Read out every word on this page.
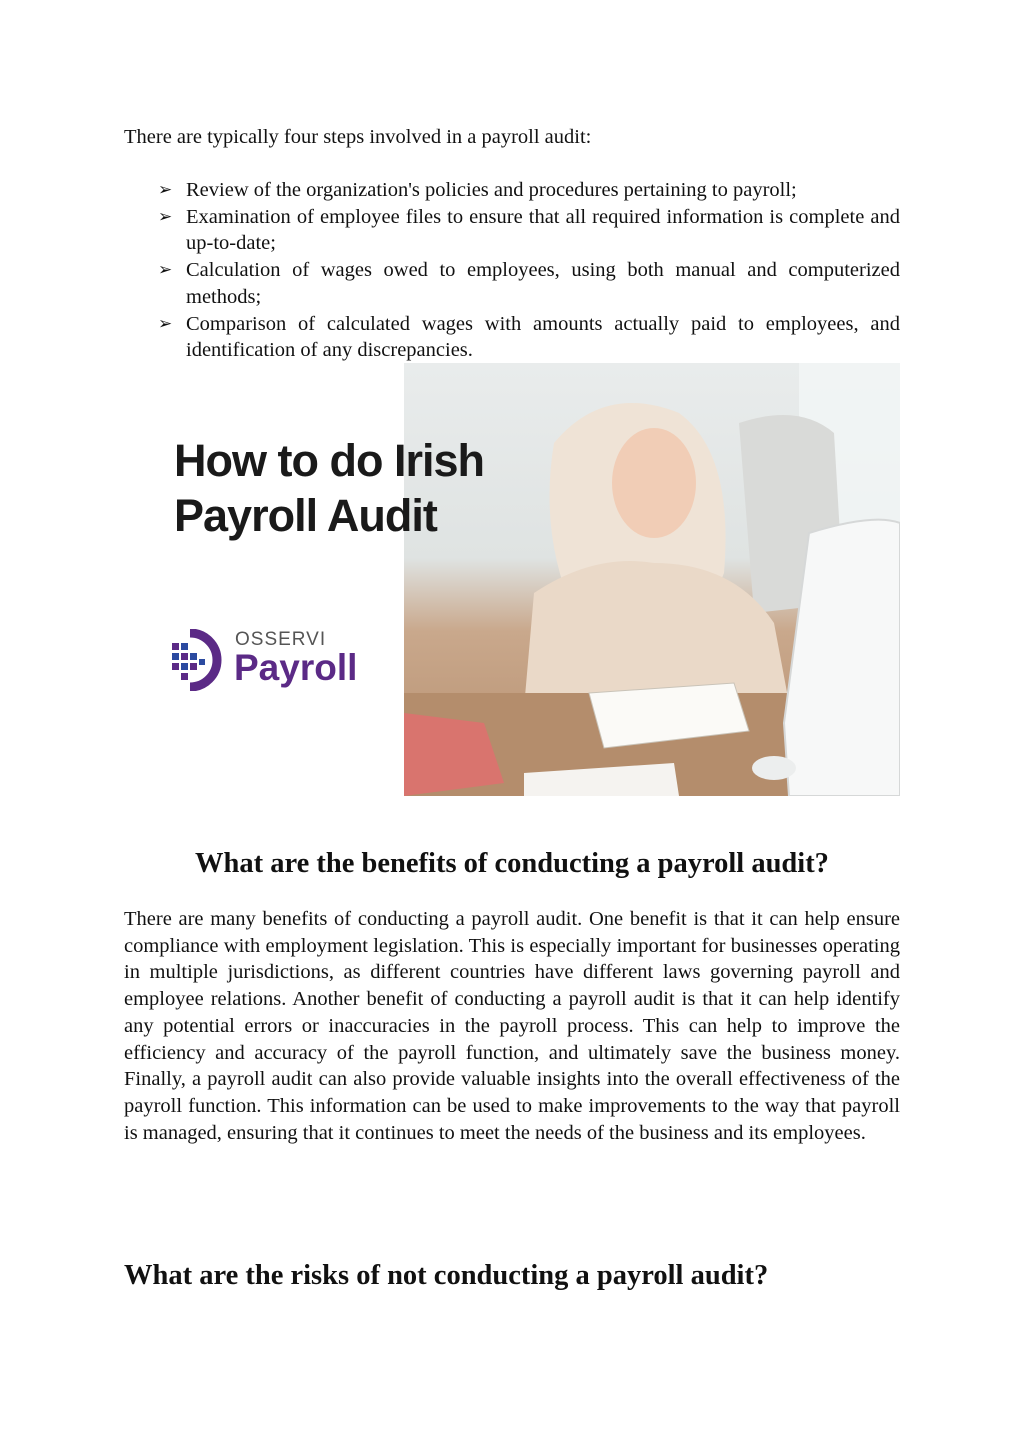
There are typically four steps involved in a payroll audit:

➢ Review of the organization's policies and procedures pertaining to payroll;
➢ Examination of employee files to ensure that all required information is complete and up-to-date;
➢ Calculation of wages owed to employees, using both manual and computerized methods;
➢ Comparison of calculated wages with amounts actually paid to employees, and identification of any discrepancies.
How to do Irish Payroll Audit
OSSERVI
Payroll
What are the benefits of conducting a payroll audit?

There are many benefits of conducting a payroll audit. One benefit is that it can help ensure compliance with employment legislation. This is especially important for businesses operating in multiple jurisdictions, as different countries have different laws governing payroll and employee relations. Another benefit of conducting a payroll audit is that it can help identify any potential errors or inaccuracies in the payroll process. This can help to improve the efficiency and accuracy of the payroll function, and ultimately save the business money. Finally, a payroll audit can also provide valuable insights into the overall effectiveness of the payroll function. This information can be used to make improvements to the way that payroll is managed, ensuring that it continues to meet the needs of the business and its employees.

What are the risks of not conducting a payroll audit?
